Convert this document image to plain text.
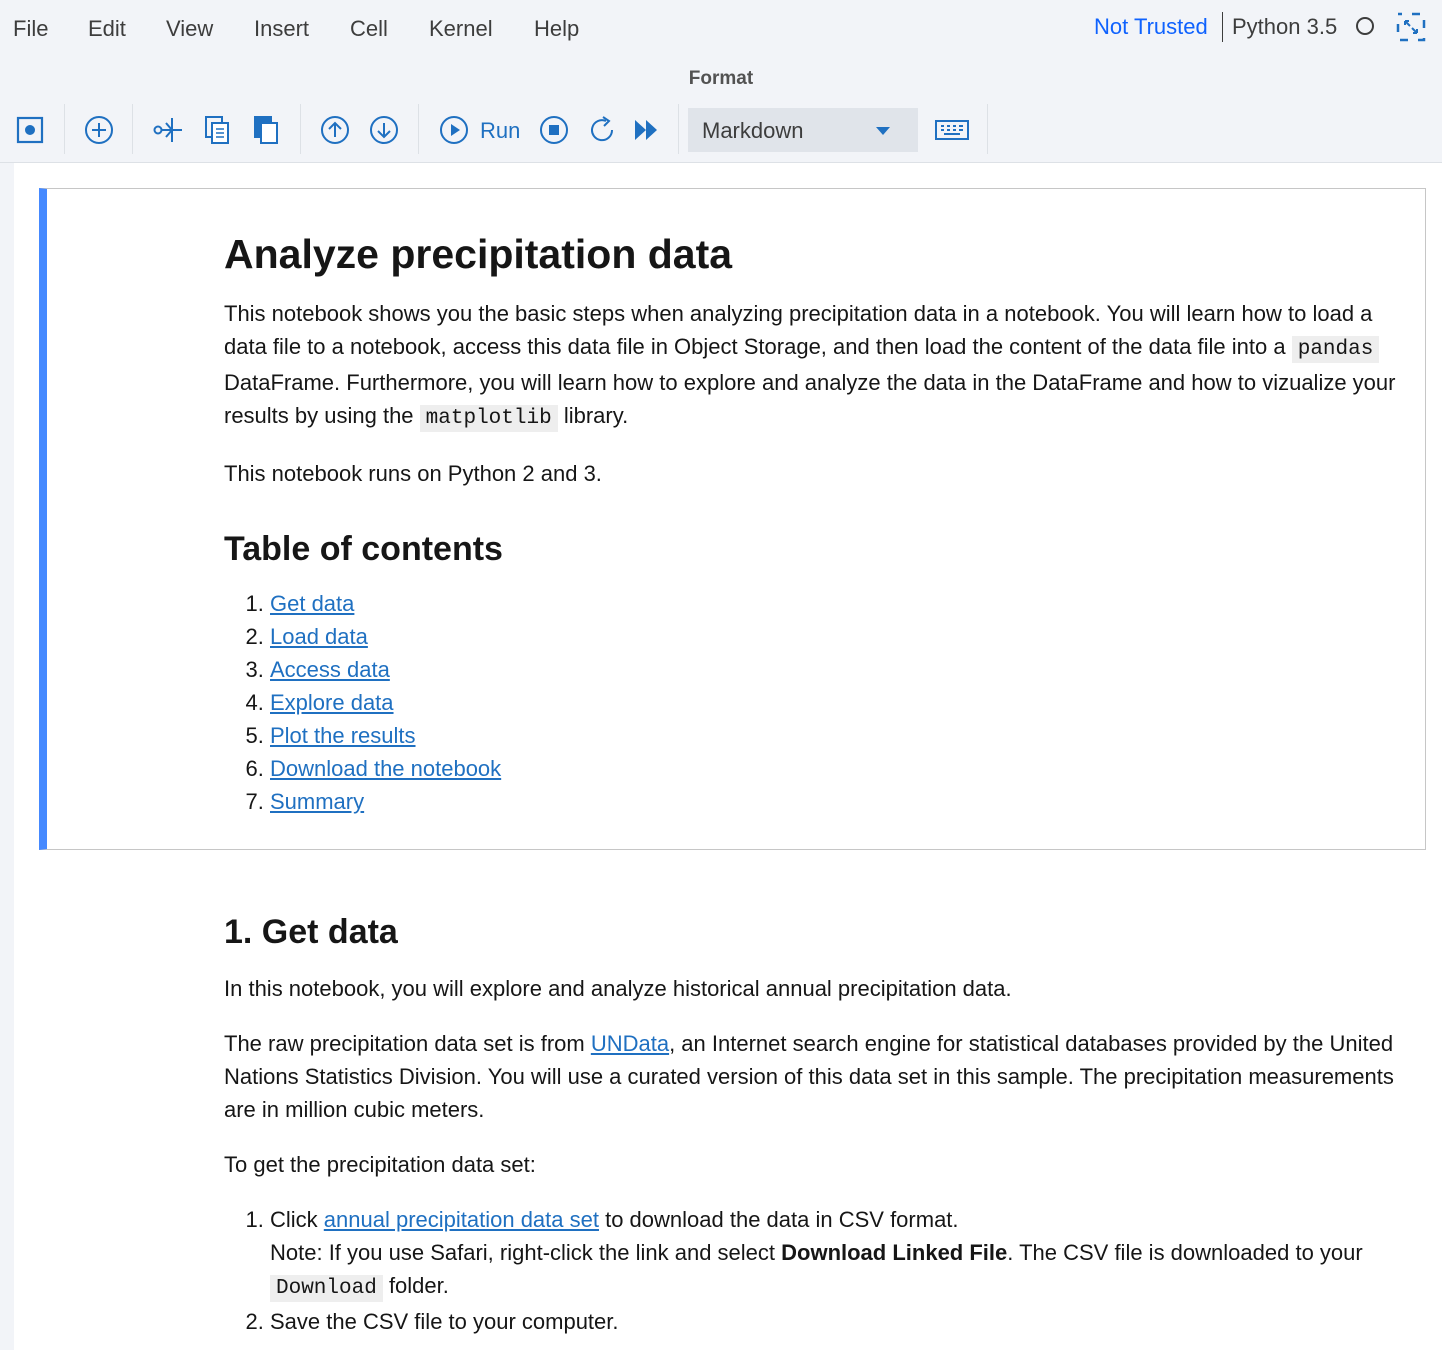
File Edit View Insert Cell Kernel Help	Not Trusted Python 3.5
Format
Run	Markdown
Analyze precipitation data

This notebook shows you the basic steps when analyzing precipitation data in a notebook. You will learn how to load a data file to a notebook, access this data file in Object Storage, and then load the content of the data file into a pandas DataFrame. Furthermore, you will learn how to explore and analyze the data in the DataFrame and how to vizualize your results by using the matplotlib library.

This notebook runs on Python 2 and 3.

Table of contents
1. Get data
2. Load data
3. Access data
4. Explore data
5. Plot the results
6. Download the notebook
7. Summary
1. Get data

In this notebook, you will explore and analyze historical annual precipitation data.

The raw precipitation data set is from UNData, an Internet search engine for statistical databases provided by the United Nations Statistics Division. You will use a curated version of this data set in this sample. The precipitation measurements are in million cubic meters.

To get the precipitation data set:

1. Click annual precipitation data set to download the data in CSV format.
Note: If you use Safari, right-click the link and select Download Linked File. The CSV file is downloaded to your Download folder.
2. Save the CSV file to your computer.
